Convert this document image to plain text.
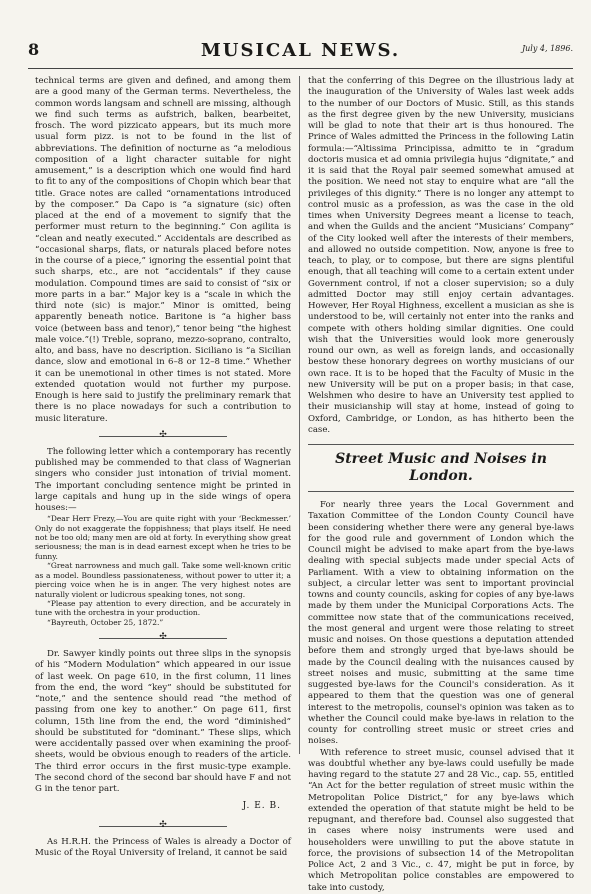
8	MUSICAL NEWS.	July 4, 1896.

technical terms are given and defined, and among them are a good many of the German terms. Nevertheless, the common words langsam and schnell are missing, although we find such terms as aufstrich, balken, bearbeitet, frosch. The word pizzicato appears, but its much more usual form pizz. is not to be found in the list of abbreviations. The definition of nocturne as “a melodious composition of a light character suitable for night amusement,” is a description which one would find hard to fit to any of the compositions of Chopin which bear that title. Grace notes are called “ornamentations introduced by the composer.” Da Capo is “a signature (sic) often placed at the end of a movement to signify that the performer must return to the beginning.” Con agilita is “clean and neatly executed.” Accidentals are described as “occasional sharps, flats, or naturals placed before notes in the course of a piece,” ignoring the essential point that such sharps, etc., are not “accidentals” if they cause modulation. Compound times are said to consist of “six or more parts in a bar.” Major key is a “scale in which the third note (sic) is major.” Minor is omitted, being apparently beneath notice. Baritone is “a higher bass voice (between bass and tenor),” tenor being “the highest male voice.”(!) Treble, soprano, mezzo-soprano, contralto, alto, and bass, have no description. Siciliano is “a Sicilian dance, slow and emotional in 6–8 or 12–8 time.” Whether it can be unemotional in other times is not stated. More extended quotation would not further my purpose. Enough is here said to justify the preliminary remark that there is no place nowadays for such a contribution to music literature.

✣

The following letter which a contemporary has recently published may be commended to that class of Wagnerian singers who consider just intonation of trivial moment. The important concluding sentence might be printed in large capitals and hung up in the side wings of opera houses:—

“Dear Herr Frezy,—You are quite right with your ‘Beckmesser.’ Only do not exaggerate the foppishness; that plays itself. He need not be too old; many men are old at forty. In everything show great seriousness; the man is in dead earnest except when he tries to be funny.

“Great narrowness and much gall. Take some well-known critic as a model. Boundless passionateness, without power to utter it; a piercing voice when he is in anger. The very highest notes are naturally violent or ludicrous speaking tones, not song.

“Please pay attention to every direction, and be accurately in tune with the orchestra in your production.

“Bayreuth, October 25, 1872.”

✣

Dr. Sawyer kindly points out three slips in the synopsis of his “Modern Modulation” which appeared in our issue of last week. On page 610, in the first column, 11 lines from the end, the word “key” should be substituted for “note,” and the sentence should read “the method of passing from one key to another.” On page 611, first column, 15th line from the end, the word “diminished” should be substituted for “dominant.” These slips, which were accidentally passed over when examining the proof-sheets, would be obvious enough to readers of the article. The third error occurs in the first music-type example. The second chord of the second bar should have F and not G in the tenor part.

J. E. B.
✣

As H.R.H. the Princess of Wales is already a Doctor of Music of the Royal University of Ireland, it cannot be said

that the conferring of this Degree on the illustrious lady at the inauguration of the University of Wales last week adds to the number of our Doctors of Music. Still, as this stands as the first degree given by the new University, musicians will be glad to note that their art is thus honoured. The Prince of Wales admitted the Princess in the following Latin formula:—“Altissima Principissa, admitto te in “gradum doctoris musica et ad omnia privilegia hujus “dignitate,” and it is said that the Royal pair seemed somewhat amused at the position. We need not stay to enquire what are “all the privileges of this dignity.” There is no longer any attempt to control music as a profession, as was the case in the old times when University Degrees meant a license to teach, and when the Guilds and the ancient “Musicians’ Company” of the City looked well after the interests of their members, and allowed no outside competition. Now, anyone is free to teach, to play, or to compose, but there are signs plentiful enough, that all teaching will come to a certain extent under Government control, if not a closer supervision; so a duly admitted Doctor may still enjoy certain advantages. However, Her Royal Highness, excellent a musician as she is understood to be, will certainly not enter into the ranks and compete with others holding similar dignities. One could wish that the Universities would look more generously round our own, as well as foreign lands, and occasionally bestow these honorary degrees on worthy musicians of our own race. It is to be hoped that the Faculty of Music in the new University will be put on a proper basis; in that case, Welshmen who desire to have an University test applied to their musicianship will stay at home, instead of going to Oxford, Cambridge, or London, as has hitherto been the case.

Street Music and Noises in
London.

For nearly three years the Local Government and Taxation Committee of the London County Council have been considering whether there were any general bye-laws for the good rule and government of London which the Council might be advised to make apart from the bye-laws dealing with special subjects made under special Acts of Parliament. With a view to obtaining information on the subject, a circular letter was sent to important provincial towns and county councils, asking for copies of any bye-laws made by them under the Municipal Corporations Acts. The committee now state that of the communications received, the most general and urgent were those relating to street music and noises. On those questions a deputation attended before them and strongly urged that bye-laws should be made by the Council dealing with the nuisances caused by street noises and music, submitting at the same time suggested bye-laws for the Council's consideration. As it appeared to them that the question was one of general interest to the metropolis, counsel's opinion was taken as to whether the Council could make bye-laws in relation to the county for controlling street music or street cries and noises.

With reference to street music, counsel advised that it was doubtful whether any bye-laws could usefully be made having regard to the statute 27 and 28 Vic., cap. 55, entitled “An Act for the better regulation of street music within the Metropolitan Police District,” for any bye-laws which extended the operation of that statute might be held to be repugnant, and therefore bad. Counsel also suggested that in cases where noisy instruments were used and householders were unwilling to put the above statute in force, the provisions of subsection 14 of the Metropolitan Police Act, 2 and 3 Vic., c. 47, might be put in force, by which Metropolitan police constables are empowered to take into custody,
